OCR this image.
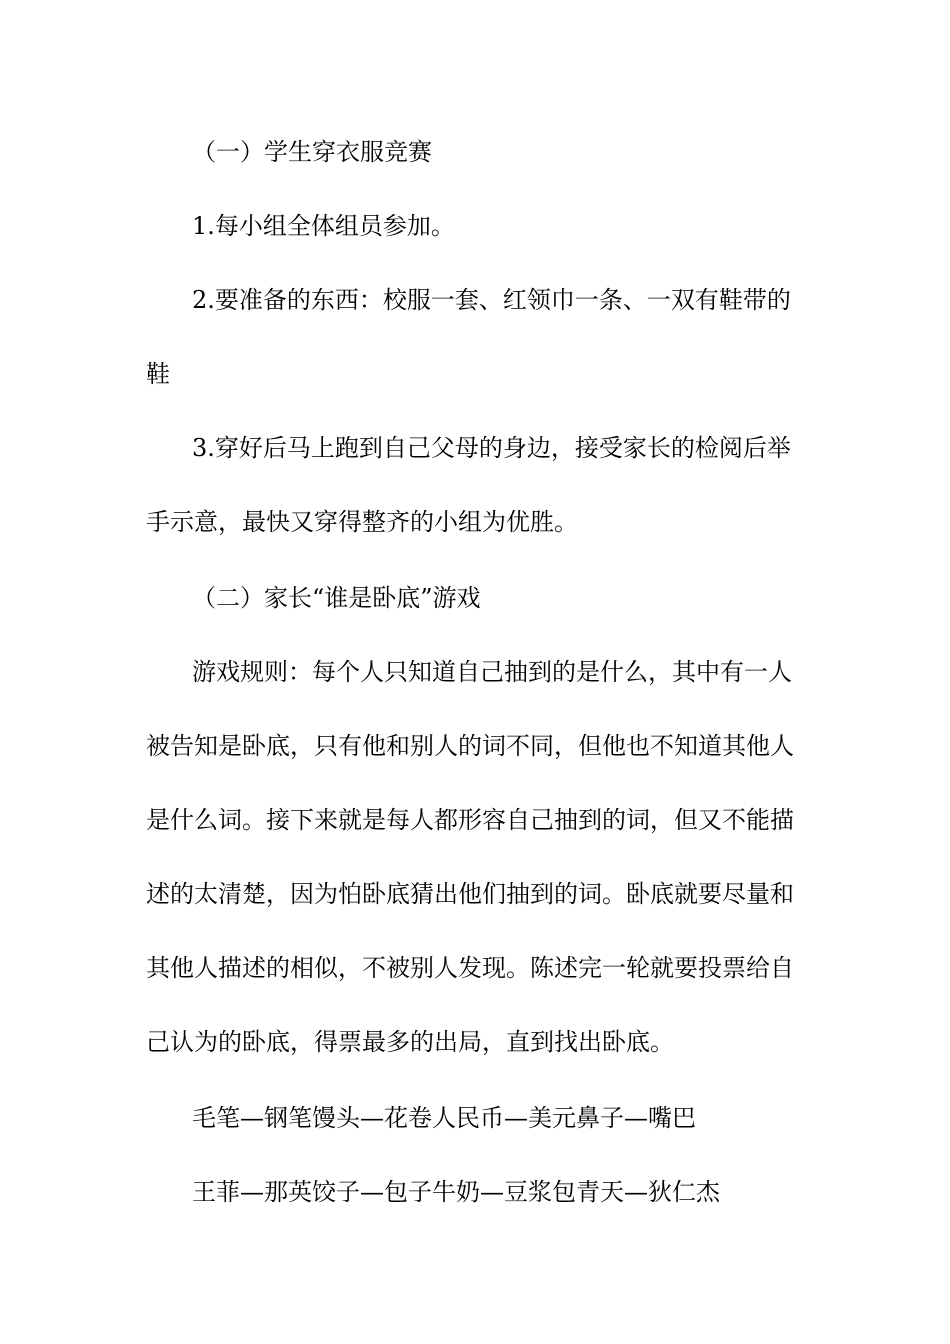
（一）学生穿衣服竞赛

1.每小组全体组员参加。

2.要准备的东西：校服一套、红领巾一条、一双有鞋带的

鞋

3.穿好后马上跑到自己父母的身边，接受家长的检阅后举

手示意，最快又穿得整齐的小组为优胜。

（二）家长“谁是卧底”游戏

游戏规则：每个人只知道自己抽到的是什么，其中有一人

被告知是卧底，只有他和别人的词不同，但他也不知道其他人

是什么词。接下来就是每人都形容自己抽到的词，但又不能描

述的太清楚，因为怕卧底猜出他们抽到的词。卧底就要尽量和

其他人描述的相似，不被别人发现。陈述完一轮就要投票给自

己认为的卧底，得票最多的出局，直到找出卧底。

毛笔—钢笔馒头—花卷人民币—美元鼻子—嘴巴

王菲—那英饺子—包子牛奶—豆浆包青天—狄仁杰
